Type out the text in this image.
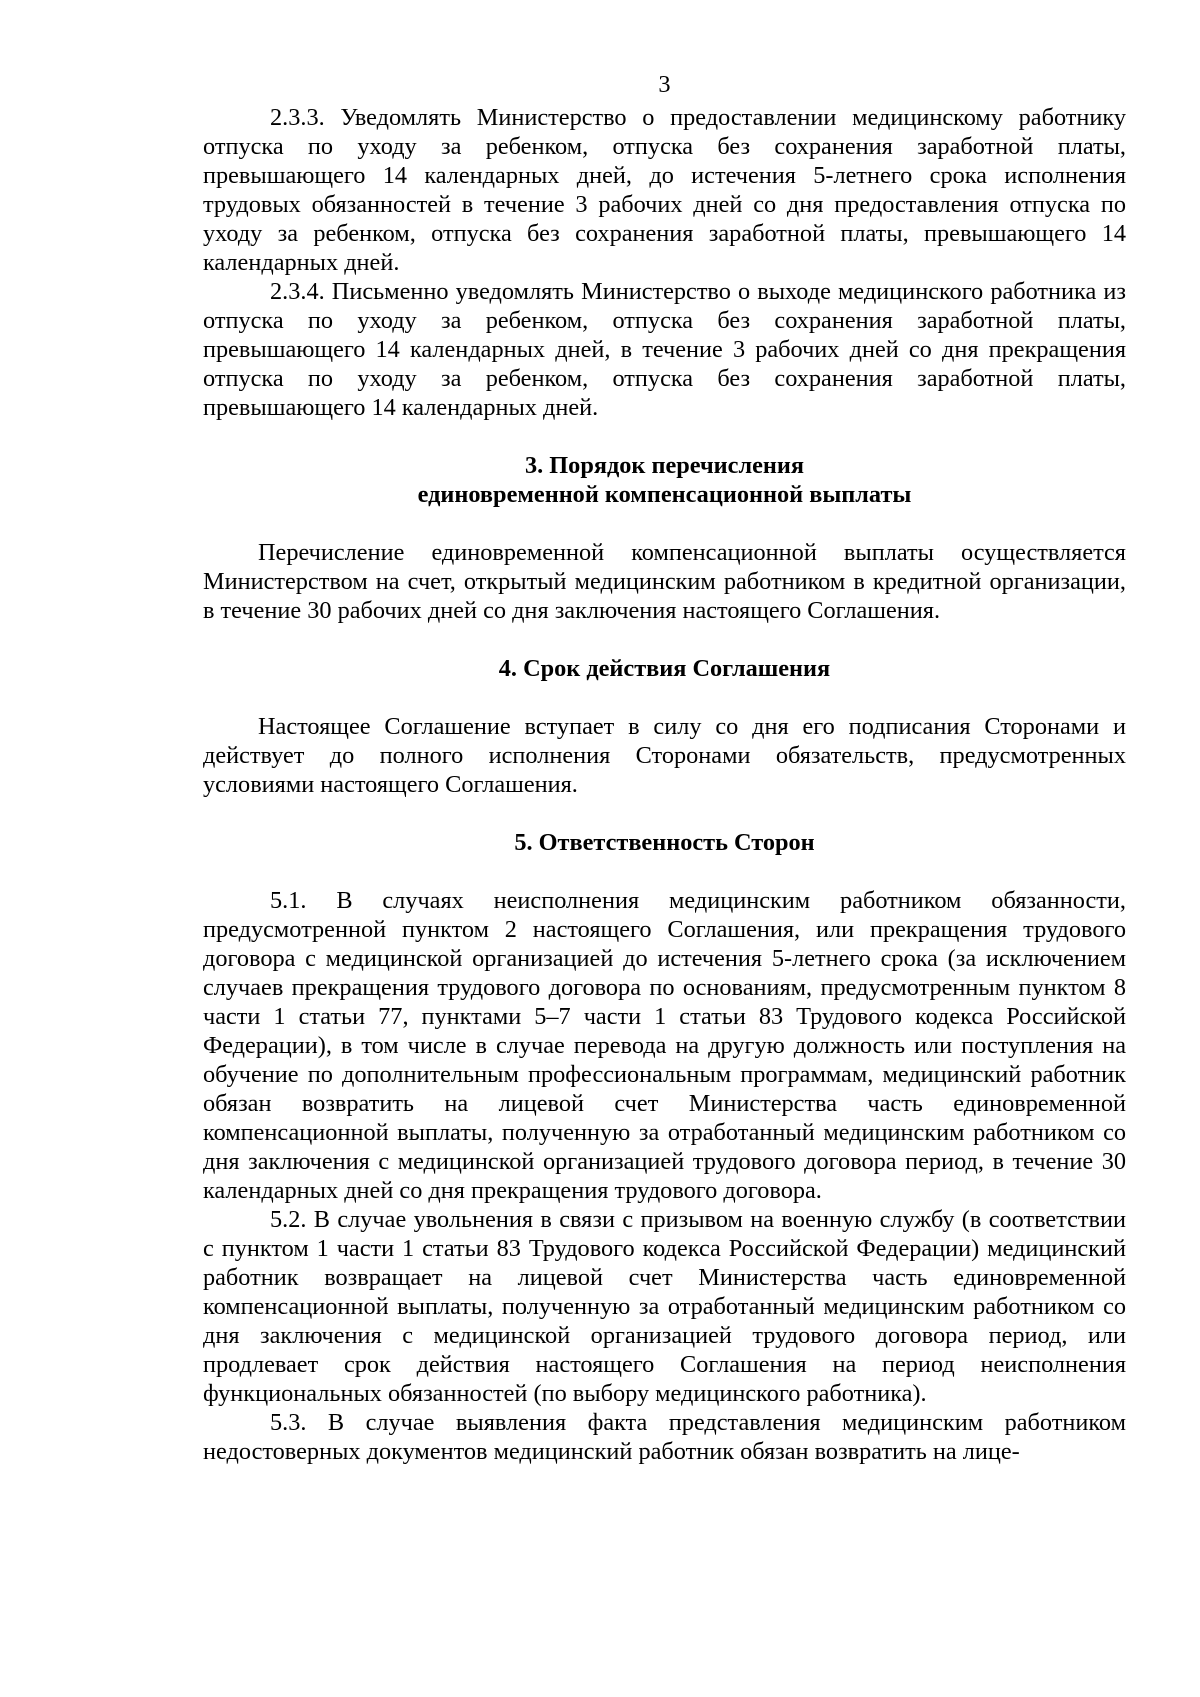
3

2.3.3. Уведомлять Министерство о предоставлении медицинскому работнику отпуска по уходу за ребенком, отпуска без сохранения заработной платы, превышающего 14 календарных дней, до истечения 5-летнего срока исполнения трудовых обязанностей в течение 3 рабочих дней со дня предоставления отпуска по уходу за ребенком, отпуска без сохранения заработной платы, превышающего 14 календарных дней.

2.3.4. Письменно уведомлять Министерство о выходе медицинского работника из отпуска по уходу за ребенком, отпуска без сохранения заработной платы, превышающего 14 календарных дней, в течение 3 рабочих дней со дня прекращения отпуска по уходу за ребенком, отпуска без сохранения заработной платы, превышающего 14 календарных дней.

3. Порядок перечисления
единовременной компенсационной выплаты

Перечисление единовременной компенсационной выплаты осуществляется Министерством на счет, открытый медицинским работником в кредитной организации, в течение 30 рабочих дней со дня заключения настоящего Соглашения.

4. Срок действия Соглашения

Настоящее Соглашение вступает в силу со дня его подписания Сторонами и действует до полного исполнения Сторонами обязательств, предусмотренных условиями настоящего Соглашения.

5. Ответственность Сторон

5.1. В случаях неисполнения медицинским работником обязанности, предусмотренной пунктом 2 настоящего Соглашения, или прекращения трудового договора с медицинской организацией до истечения 5-летнего срока (за исключением случаев прекращения трудового договора по основаниям, предусмотренным пунктом 8 части 1 статьи 77, пунктами 5–7 части 1 статьи 83 Трудового кодекса Российской Федерации), в том числе в случае перевода на другую должность или поступления на обучение по дополнительным профессиональным программам, медицинский работник обязан возвратить на лицевой счет Министерства часть единовременной компенсационной выплаты, полученную за отработанный медицинским работником со дня заключения с медицинской организацией трудового договора период, в течение 30 календарных дней со дня прекращения трудового договора.

5.2. В случае увольнения в связи с призывом на военную службу (в соответствии с пунктом 1 части 1 статьи 83 Трудового кодекса Российской Федерации) медицинский работник возвращает на лицевой счет Министерства часть единовременной компенсационной выплаты, полученную за отработанный медицинским работником со дня заключения с медицинской организацией трудового договора период, или продлевает срок действия настоящего Соглашения на период неисполнения функциональных обязанностей (по выбору медицинского работника).

5.3. В случае выявления факта представления медицинским работником недостоверных документов медицинский работник обязан возвратить на лице-
